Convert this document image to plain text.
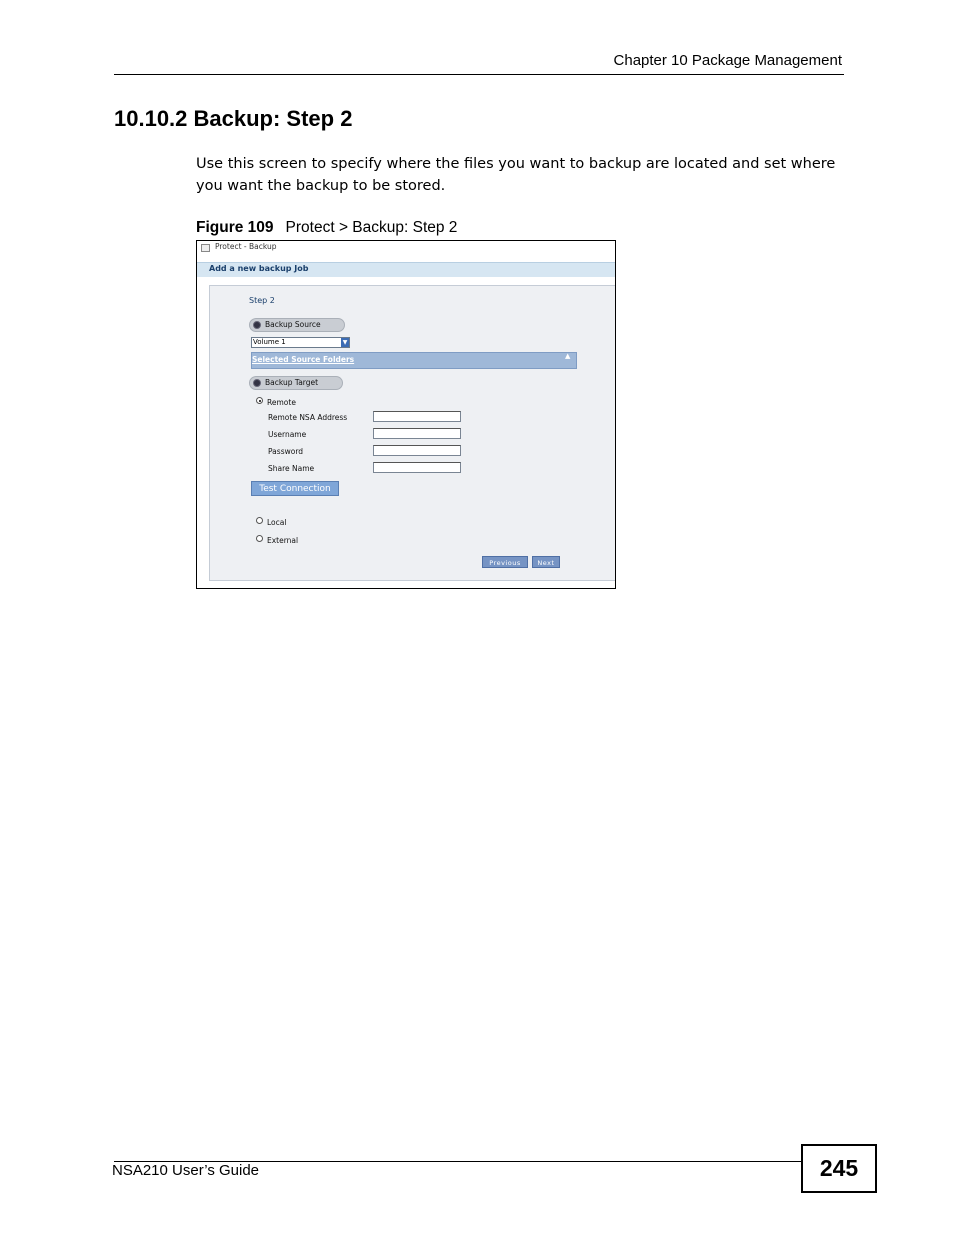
Chapter 10 Package Management
10.10.2 Backup: Step 2
Use this screen to specify where the files you want to backup are located and set where you want the backup to be stored.
Figure 109 Protect > Backup: Step 2
Protect - Backup
Add a new backup Job
Step 2
Backup Source
Volume 1	▼
Selected Source Folders	▲
Backup Target
Remote
Remote NSA Address
Username
Password
Share Name
Test Connection
Local
External
Previous	Next
NSA210 User’s Guide	245
